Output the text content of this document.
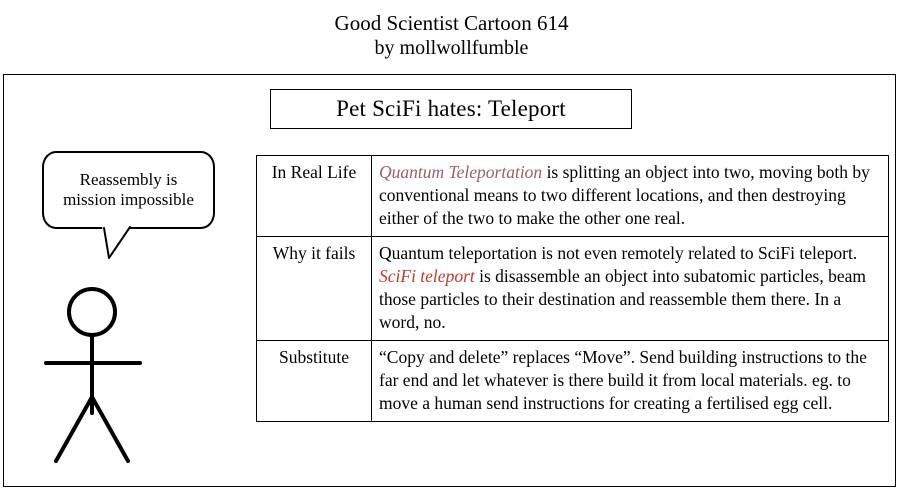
Good Scientist Cartoon 614
by mollwollfumble
Pet SciFi hates: Teleport
Reassembly is mission impossible
In Real Life	Quantum Teleportation is splitting an object into two, moving both by conventional means to two different locations, and then destroying either of the two to make the other one real.

Why it fails	Quantum teleportation is not even remotely related to SciFi teleport. SciFi teleport is disassemble an object into subatomic particles, beam those particles to their destination and reassemble them there. In a word, no.

Substitute	“Copy and delete” replaces “Move”. Send building instructions to the far end and let whatever is there build it from local materials. eg. to move a human send instructions for creating a fertilised egg cell.
